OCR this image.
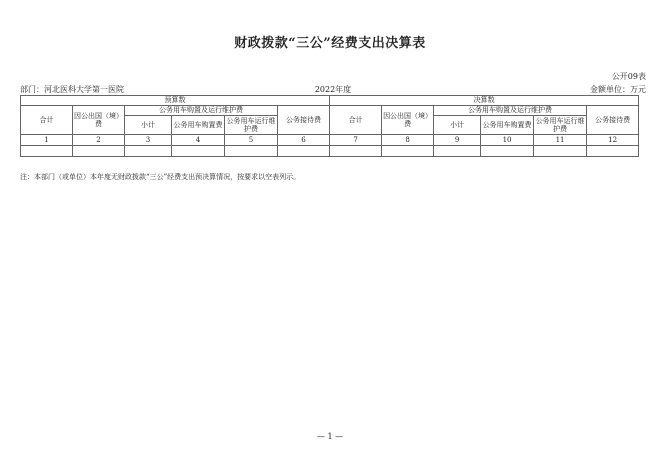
财政拨款“三公”经费支出决算表
公开09表
部门：河北医科大学第一医院	2022年度	金额单位：万元
预算数						决算数					
合计	因公出国（境）费	公务用车购置及运行维护费			公务接待费	合计	因公出国（境）费	公务用车购置及运行维护费			公务接待费
		小计	公务用车购置费	公务用车运行维护费				小计	公务用车购置费	公务用车运行维护费	
1	2	3	4	5	6	7	8	9	10	11	12

注：本部门（或单位）本年度无财政拨款“三公”经费支出预决算情况，按要求以空表列示。
— 1 —
